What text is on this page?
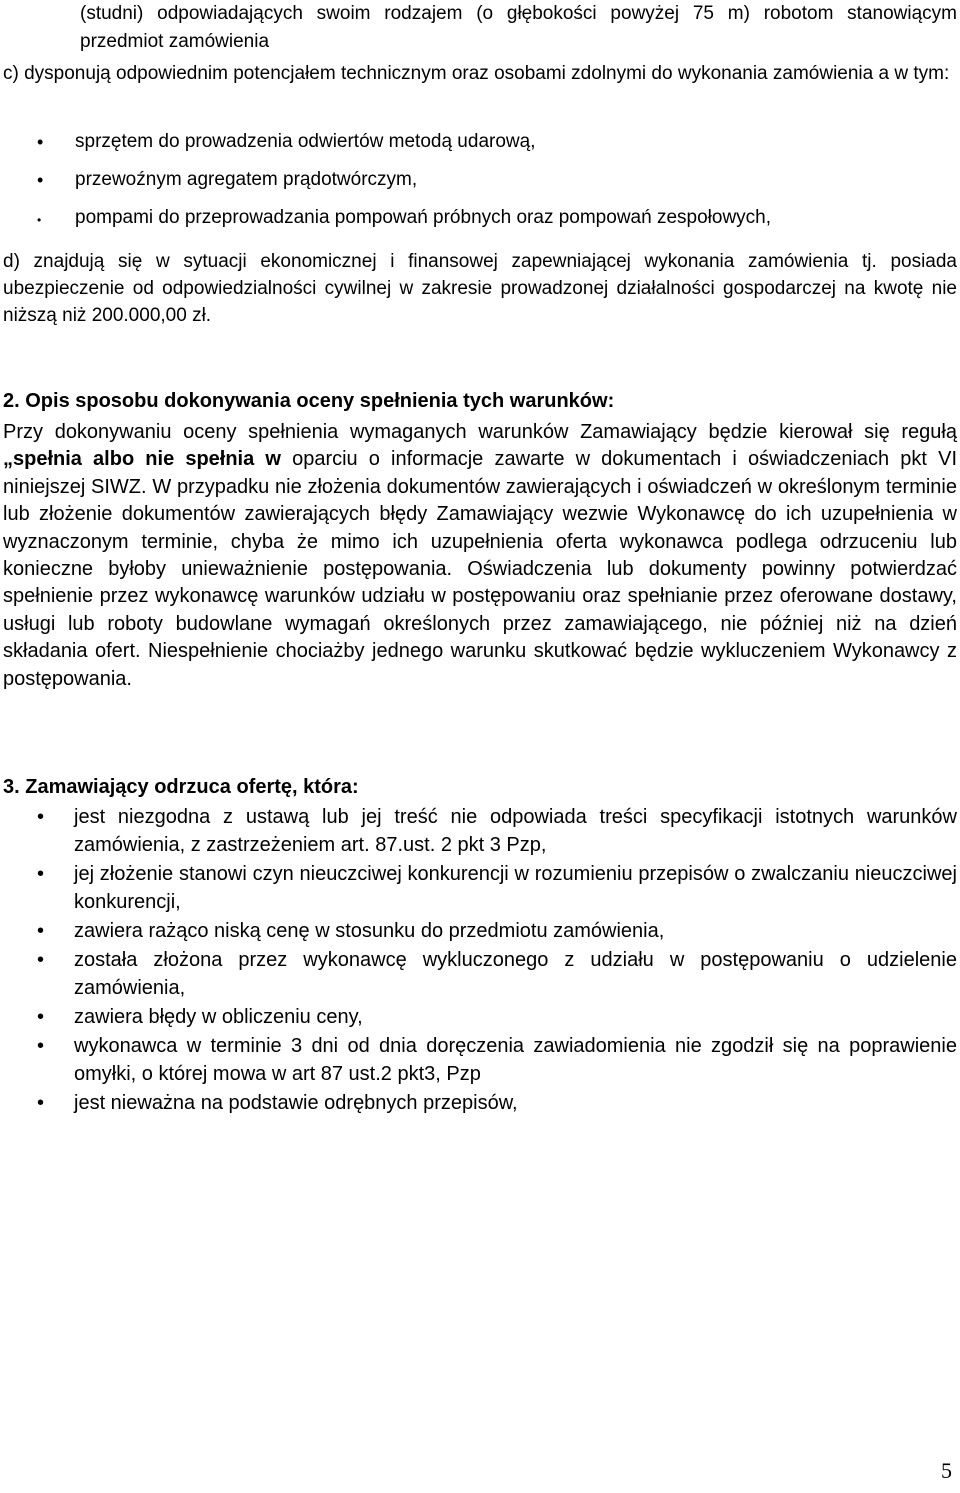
(studni) odpowiadających swoim rodzajem (o głębokości powyżej 75 m) robotom stanowiącym przedmiot zamówienia

c) dysponują odpowiednim potencjałem technicznym oraz osobami zdolnymi do wykonania zamówienia a w tym:

• sprzętem do prowadzenia odwiertów metodą udarową,
• przewoźnym agregatem prądotwórczym,
• pompami do przeprowadzania pompowań próbnych oraz pompowań zespołowych,

d) znajdują się w sytuacji ekonomicznej i finansowej zapewniającej wykonania zamówienia tj. posiada ubezpieczenie od odpowiedzialności cywilnej w zakresie prowadzonej działalności gospodarczej na kwotę nie niższą niż 200.000,00 zł.

2. Opis sposobu dokonywania oceny spełnienia tych warunków:

Przy dokonywaniu oceny spełnienia wymaganych warunków Zamawiający będzie kierował się regułą „spełnia albo nie spełnia w oparciu o informacje zawarte w dokumentach i oświadczeniach pkt VI niniejszej SIWZ. W przypadku nie złożenia dokumentów zawierających i oświadczeń w określonym terminie lub złożenie dokumentów zawierających błędy Zamawiający wezwie Wykonawcę do ich uzupełnienia w wyznaczonym terminie, chyba że mimo ich uzupełnienia oferta wykonawca podlega odrzuceniu lub konieczne byłoby unieważnienie postępowania. Oświadczenia lub dokumenty powinny potwierdzać spełnienie przez wykonawcę warunków udziału w postępowaniu oraz spełnianie przez oferowane dostawy, usługi lub roboty budowlane wymagań określonych przez zamawiającego, nie później niż na dzień składania ofert. Niespełnienie chociażby jednego warunku skutkować będzie wykluczeniem Wykonawcy z postępowania.

3. Zamawiający odrzuca ofertę, która:

• jest niezgodna z ustawą lub jej treść nie odpowiada treści specyfikacji istotnych warunków zamówienia, z zastrzeżeniem art. 87.ust. 2 pkt 3 Pzp,
• jej złożenie stanowi czyn nieuczciwej konkurencji w rozumieniu przepisów o zwalczaniu nieuczciwej konkurencji,
• zawiera rażąco niską cenę w stosunku do przedmiotu zamówienia,
• została złożona przez wykonawcę wykluczonego z udziału w postępowaniu o udzielenie zamówienia,
• zawiera błędy w obliczeniu ceny,
• wykonawca w terminie 3 dni od dnia doręczenia zawiadomienia nie zgodził się na poprawienie omyłki, o której mowa w art 87 ust.2 pkt3, Pzp
• jest nieważna na podstawie odrębnych przepisów,
5
